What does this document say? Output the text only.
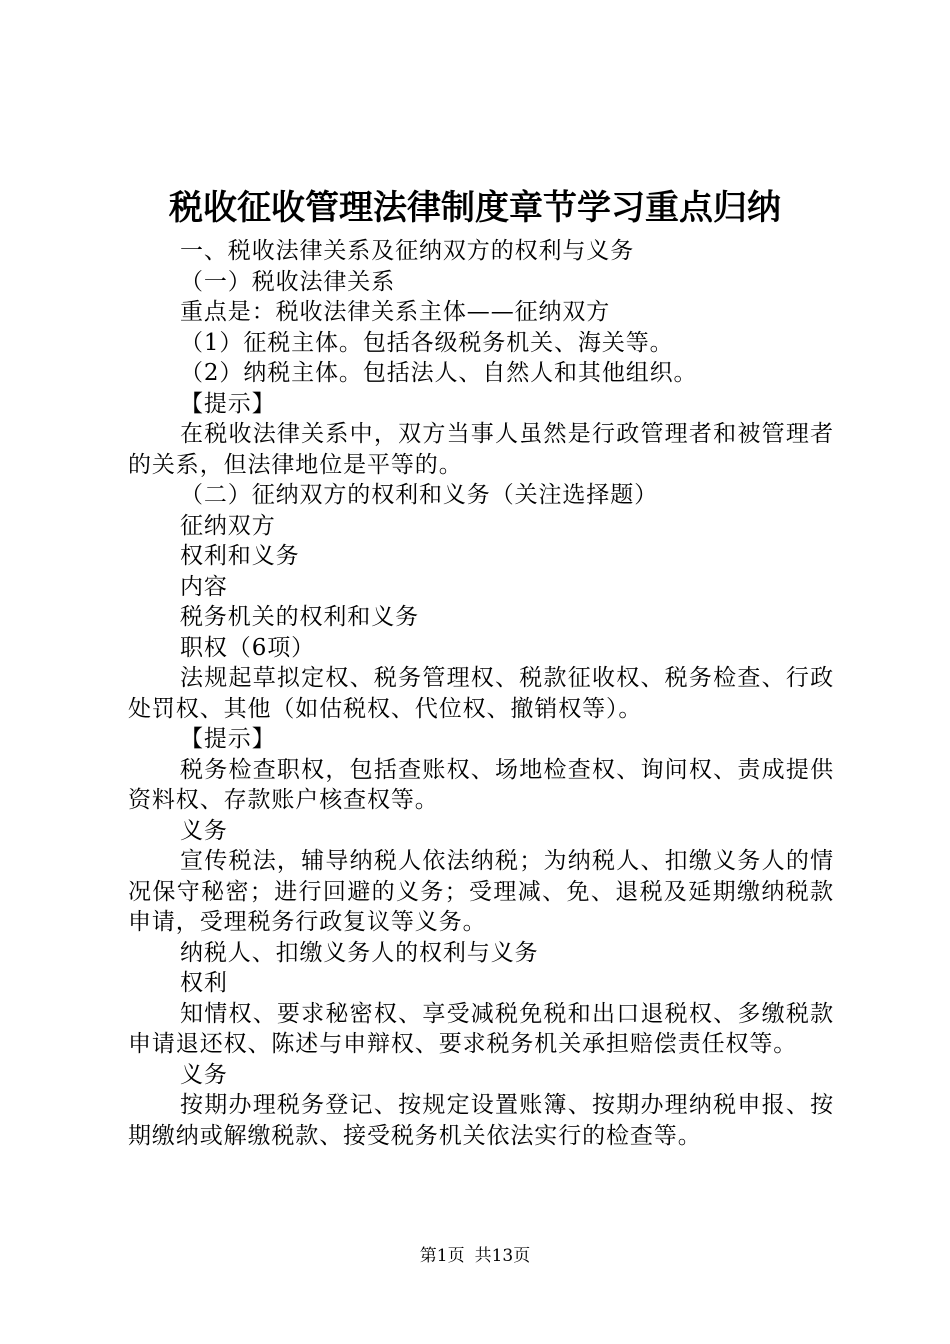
税收征收管理法律制度章节学习重点归纳
一、税收法律关系及征纳双方的权利与义务
（一）税收法律关系
重点是：税收法律关系主体——征纳双方
（1）征税主体。包括各级税务机关、海关等。
（2）纳税主体。包括法人、自然人和其他组织。
【提示】
在税收法律关系中，双方当事人虽然是行政管理者和被管理者的关系，但法律地位是平等的。
（二）征纳双方的权利和义务（关注选择题）
征纳双方
权利和义务
内容
税务机关的权利和义务
职权（6项）
法规起草拟定权、税务管理权、税款征收权、税务检查、行政处罚权、其他（如估税权、代位权、撤销权等）。
【提示】
税务检查职权，包括查账权、场地检查权、询问权、责成提供资料权、存款账户核查权等。
义务
宣传税法，辅导纳税人依法纳税；为纳税人、扣缴义务人的情况保守秘密；进行回避的义务；受理减、免、退税及延期缴纳税款申请，受理税务行政复议等义务。
纳税人、扣缴义务人的权利与义务
权利
知情权、要求秘密权、享受减税免税和出口退税权、多缴税款申请退还权、陈述与申辩权、要求税务机关承担赔偿责任权等。
义务
按期办理税务登记、按规定设置账簿、按期办理纳税申报、按期缴纳或解缴税款、接受税务机关依法实行的检查等。
第1页 共13页
